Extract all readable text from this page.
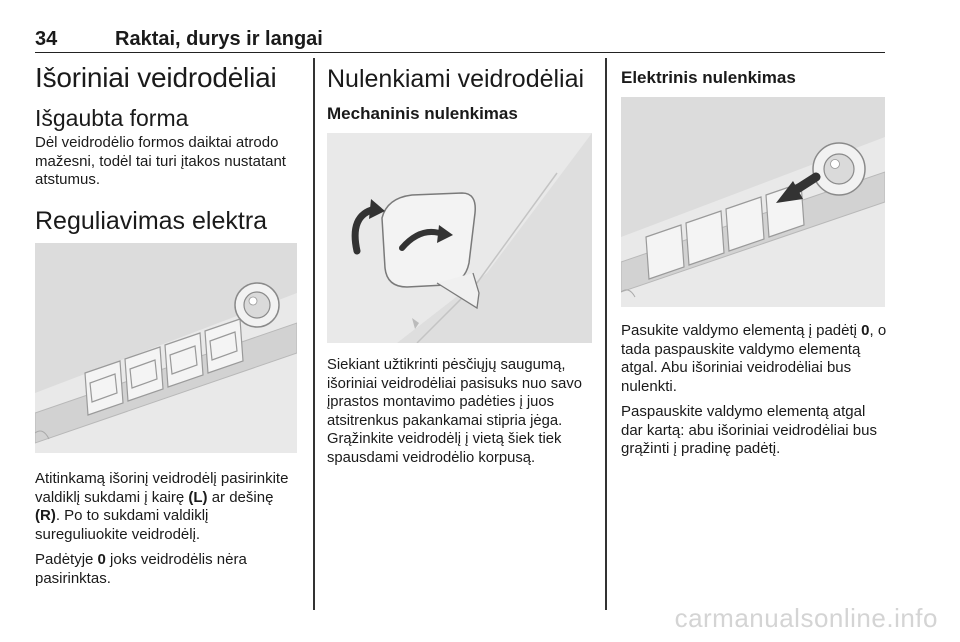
34	Raktai, durys ir langai
Išoriniai veidrodėliai
Išgaubta forma

Dėl veidrodėlio formos daiktai atrodo mažesni, todėl tai turi įtakos nustatant atstumus.

Reguliavimas elektra

Atitinkamą išorinį veidrodėlį pasirinkite valdiklį sukdami į kairę (L) ar dešinę (R). Po to sukdami valdiklį sureguliuokite veidrodėlį.

Padėtyje 0 joks veidrodėlis nėra pasirinktas.

Nulenkiami veidrodėliai
Mechaninis nulenkimas

Siekiant užtikrinti pėsčiųjų saugumą, išoriniai veidrodėliai pasisuks nuo savo įprastos montavimo padėties į juos atsitrenkus pakankamai stipria jėga. Grąžinkite veidrodėlį į vietą šiek tiek spausdami veidrodėlio korpusą.

Elektrinis nulenkimas

Pasukite valdymo elementą į padėtį 0, o tada paspauskite valdymo elementą atgal. Abu išoriniai veidrodėliai bus nulenkti.

Paspauskite valdymo elementą atgal dar kartą: abu išoriniai veidrodėliai bus grąžinti į pradinę padėtį.

carmanualsonline.info
